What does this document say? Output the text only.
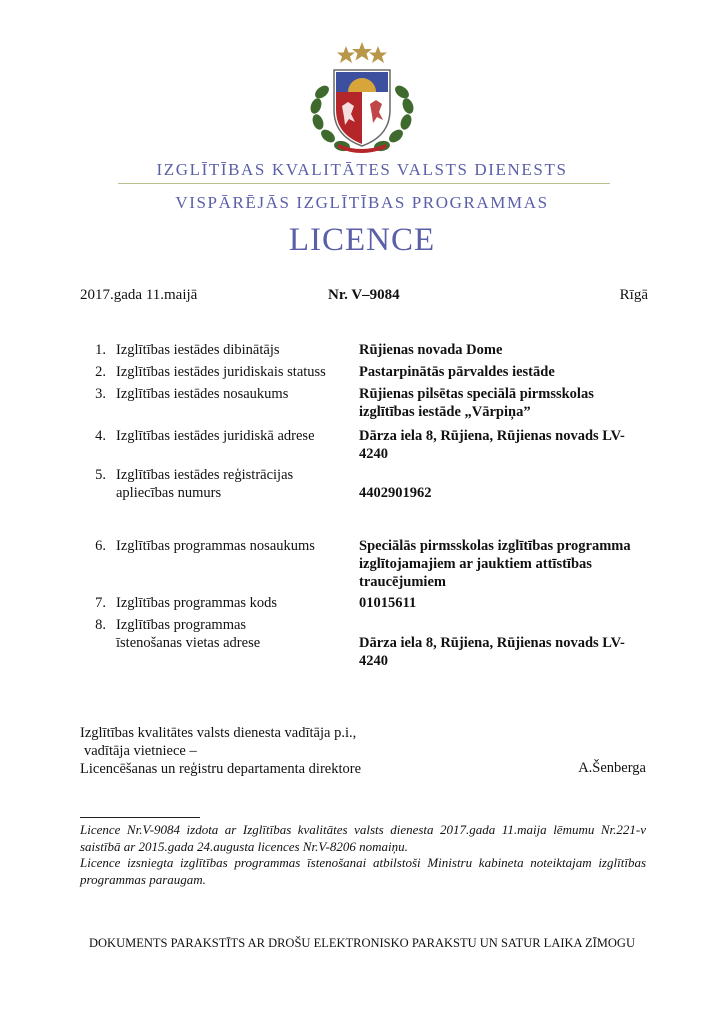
IZGLĪTĪBAS KVALITĀTES VALSTS DIENESTS
VISPĀRĒJĀS IZGLĪTĪBAS PROGRAMMAS
LICENCE
2017.gada 11.maijā	Nr. V–9084	Rīgā
1. Izglītības iestādes dibinātājs	Rūjienas novada Dome
2. Izglītības iestādes juridiskais statuss	Pastarpinātās pārvaldes iestāde
3. Izglītības iestādes nosaukums	Rūjienas pilsētas speciālā pirmsskolas izglītības iestāde „Vārpiņa”
4. Izglītības iestādes juridiskā adrese	Dārza iela 8, Rūjiena, Rūjienas novads LV-4240
5. Izglītības iestādes reģistrācijas apliecības numurs	4402901962
6. Izglītības programmas nosaukums	Speciālās pirmsskolas izglītības programma izglītojamajiem ar jauktiem attīstības traucējumiem
7. Izglītības programmas kods	01015611
8. Izglītības programmas īstenošanas vietas adrese	Dārza iela 8, Rūjiena, Rūjienas novads LV-4240
Izglītības kvalitātes valsts dienesta vadītāja p.i.,
vadītāja vietniece –
Licencēšanas un reģistru departamenta direktore	A.Šenberga
Licence Nr.V-9084 izdota ar Izglītības kvalitātes valsts dienesta 2017.gada 11.maija lēmumu Nr.221-v saistībā ar 2015.gada 24.augusta licences Nr.V-8206 nomaiņu.
Licence izsniegta izglītības programmas īstenošanai atbilstoši Ministru kabineta noteiktajam izglītības programmas paraugam.
DOKUMENTS PARAKSTĪTS AR DROŠU ELEKTRONISKO PARAKSTU UN SATUR LAIKA ZĪMOGU
